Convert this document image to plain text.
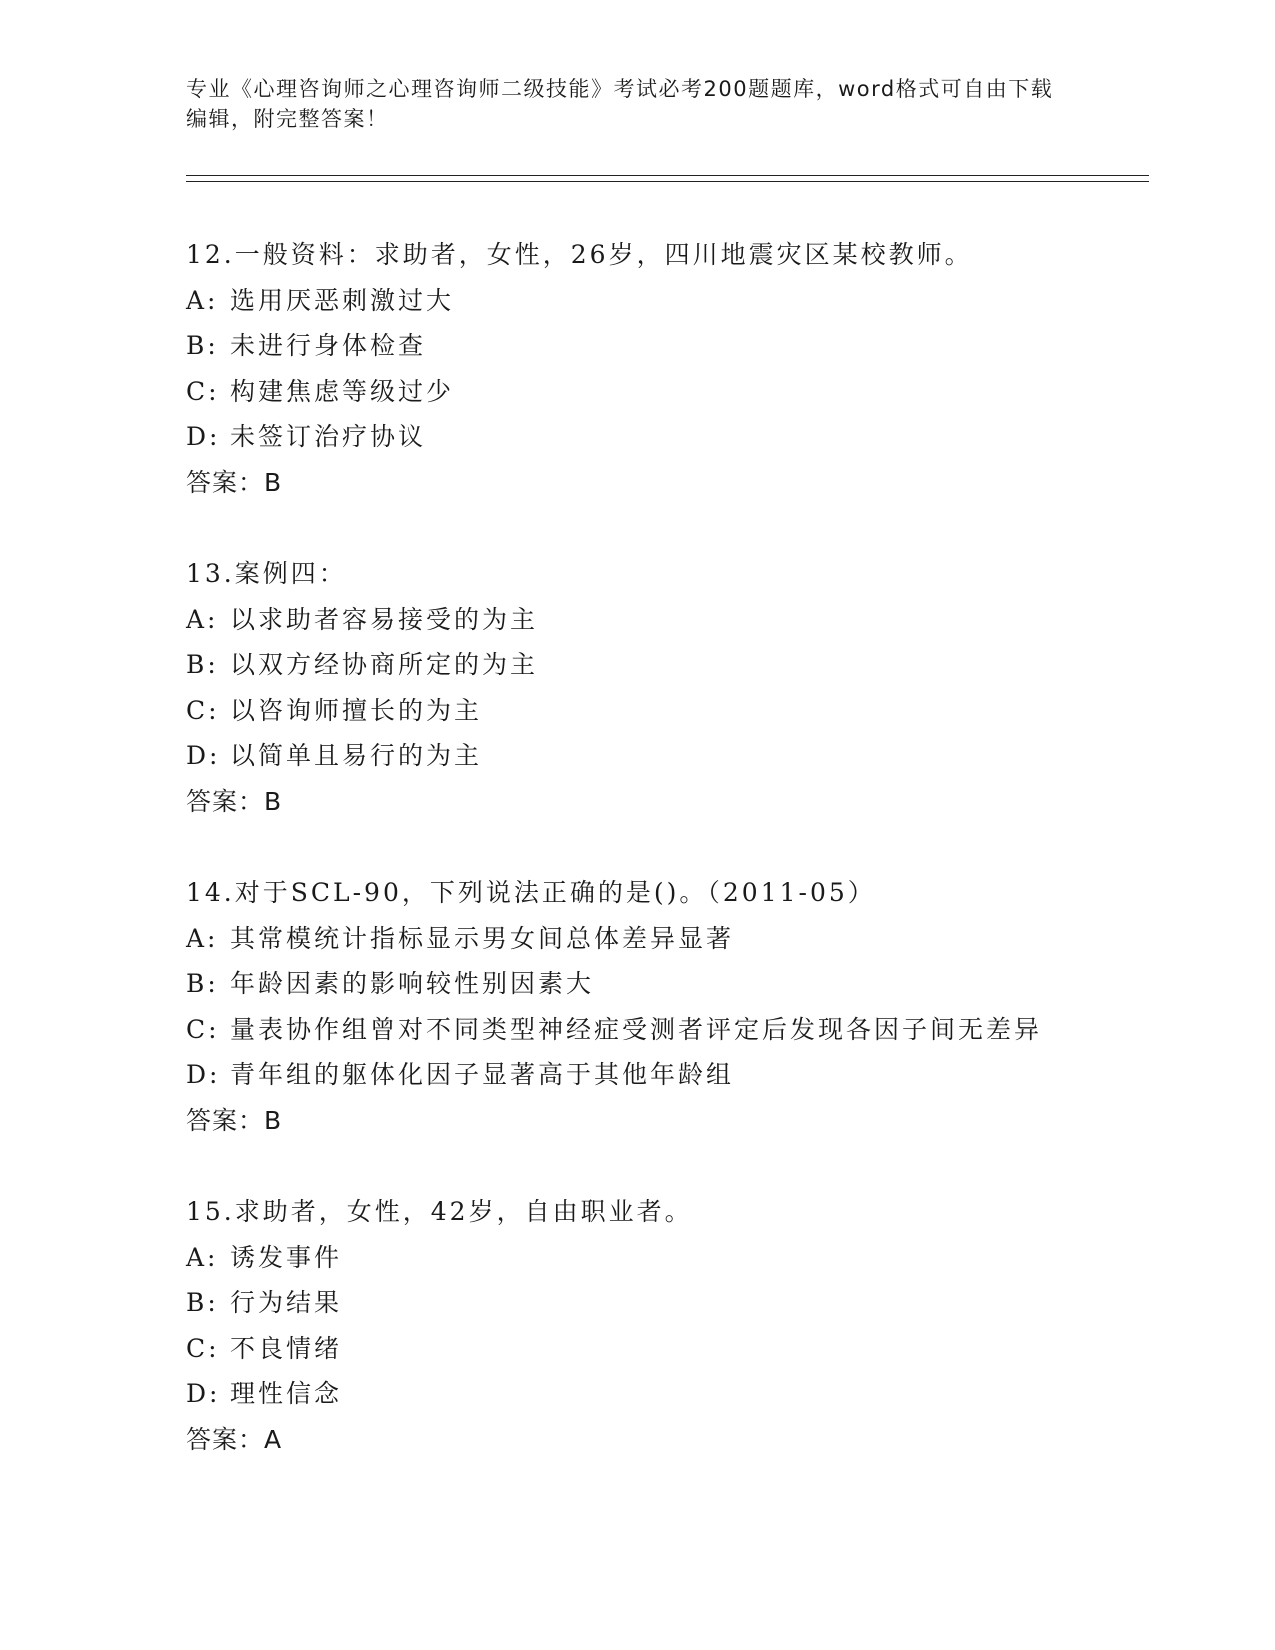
专业《心理咨询师之心理咨询师二级技能》考试必考200题题库，word格式可自由下载编辑，附完整答案！

12.一般资料：求助者，女性，26岁，四川地震灾区某校教师。
A: 选用厌恶刺激过大
B: 未进行身体检查
C: 构建焦虑等级过少
D: 未签订治疗协议
答案：B
13.案例四：
A: 以求助者容易接受的为主
B: 以双方经协商所定的为主
C: 以咨询师擅长的为主
D: 以简单且易行的为主
答案：B
14.对于SCL-90，下列说法正确的是()。（2011-05）
A: 其常模统计指标显示男女间总体差异显著
B: 年龄因素的影响较性别因素大
C: 量表协作组曾对不同类型神经症受测者评定后发现各因子间无差异
D: 青年组的躯体化因子显著高于其他年龄组
答案：B
15.求助者，女性，42岁，自由职业者。
A: 诱发事件
B: 行为结果
C: 不良情绪
D: 理性信念
答案：A
